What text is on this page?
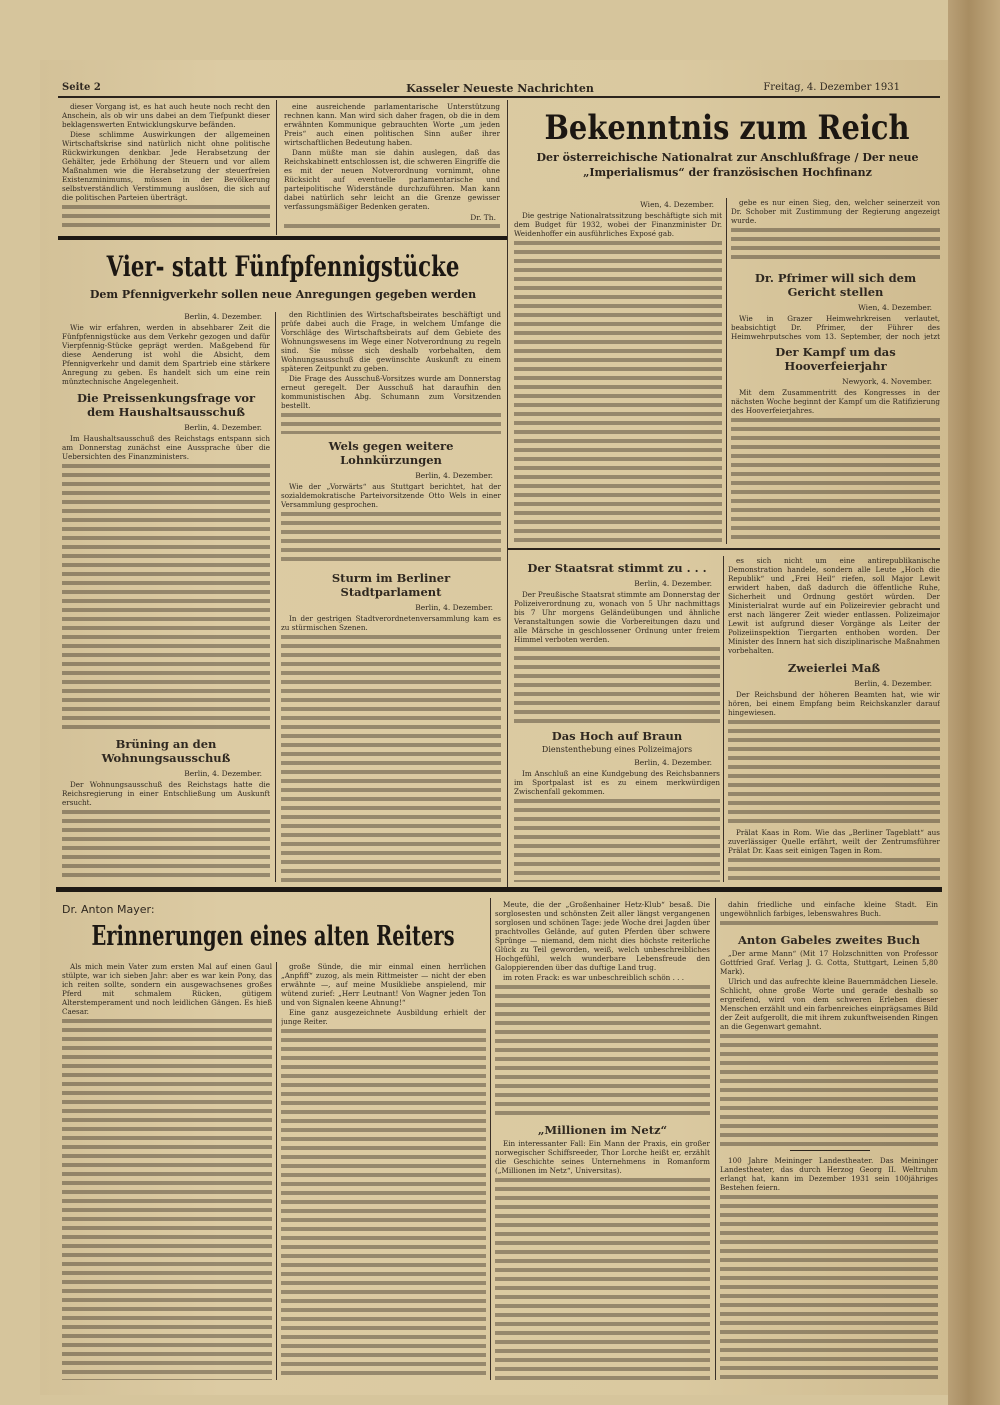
Seite 2	Kasseler Neueste Nachrichten	Freitag, 4. Dezember 1931
dieser Vorgang ist, es hat auch heute noch recht den Anschein, als ob wir uns dabei an dem Tiefpunkt dieser beklagenswerten Entwicklungskurve befänden.
Diese schlimme Auswirkungen der allgemeinen Wirtschaftskrise sind natürlich nicht ohne politische Rückwirkungen denkbar. Jede Herabsetzung der Gehälter, jede Erhöhung der Steuern und vor allem Maßnahmen wie die Herabsetzung der steuerfreien Existenzminimums, müssen in der Bevölkerung selbstverständlich Verstimmung auslösen, die sich auf die politischen Parteien überträgt.
eine ausreichende parlamentarische Unterstützung rechnen kann. Man wird sich daher fragen, ob die in dem erwähnten Kommunique gebrauchten Worte „um jeden Preis“ auch einen politischen Sinn außer ihrer wirtschaftlichen Bedeutung haben.
Dann müßte man sie dahin auslegen, daß das Reichskabinett entschlossen ist, die schweren Eingriffe die es mit der neuen Notverordnung vornimmt, ohne Rücksicht auf eventuelle parlamentarische und parteipolitische Widerstände durchzuführen. Man kann dabei natürlich sehr leicht an die Grenze gewisser verfassungsmäßiger Bedenken geraten.
Dr. Th.
Bekenntnis zum Reich
Der österreichische Nationalrat zur Anschlußfrage / Der neue „Imperialismus“ der französischen Hochfinanz
Wien, 4. Dezember.
Die gestrige Nationalratssitzung beschäftigte sich mit dem Budget für 1932, wobei der Finanzminister Dr. Weidenhoffer ein ausführliches Exposé gab.
gebe es nur einen Sieg, den, welcher seinerzeit von Dr. Schober mit Zustimmung der Regierung angezeigt wurde.
Dr. Pfrimer will sich dem Gericht stellen
Wien, 4. Dezember.
Wie in Grazer Heimwehrkreisen verlautet, beabsichtigt Dr. Pfrimer, der Führer des Heimwehrputsches vom 13. September, der noch jetzt
Der Kampf um das Hooverfeierjahr
Newyork, 4. November.
Mit dem Zusammentritt des Kongresses in der nächsten Woche beginnt der Kampf um die Ratifizierung des Hooverfeierjahres.
Vier- statt Fünfpfennigstücke
Dem Pfennigverkehr sollen neue Anregungen gegeben werden
Berlin, 4. Dezember.
Wie wir erfahren, werden in absehbarer Zeit die Fünfpfennigstücke aus dem Verkehr gezogen und dafür Vierpfennig-Stücke geprägt werden. Maßgebend für diese Aenderung ist wohl die Absicht, dem Pfennigverkehr und damit dem Spartrieb eine stärkere Anregung zu geben. Es handelt sich um eine rein münztechnische Angelegenheit.
Die Preissenkungsfrage vor dem Haushaltsausschuß
Berlin, 4. Dezember.
Im Haushaltsausschuß des Reichstags entspann sich am Donnerstag zunächst eine Aussprache über die Uebersichten des Finanzministers.
Brüning an den Wohnungsausschuß
Berlin, 4. Dezember.
Der Wohnungsausschuß des Reichstags hatte die Reichsregierung in einer Entschließung um Auskunft ersucht.
den Richtlinien des Wirtschaftsbeirates beschäftigt und prüfe dabei auch die Frage, in welchem Umfange die Vorschläge des Wirtschaftsbeirats auf dem Gebiete des Wohnungswesens im Wege einer Notverordnung zu regeln sind. Sie müsse sich deshalb vorbehalten, dem Wohnungsausschuß die gewünschte Auskunft zu einem späteren Zeitpunkt zu geben.
Die Frage des Ausschuß-Vorsitzes wurde am Donnerstag erneut geregelt. Der Ausschuß hat daraufhin den kommunistischen Abg. Schumann zum Vorsitzenden bestellt.
Wels gegen weitere Lohnkürzungen
Berlin, 4. Dezember.
Wie der „Vorwärts“ aus Stuttgart berichtet, hat der sozialdemokratische Parteivorsitzende Otto Wels in einer Versammlung gesprochen.
Sturm im Berliner Stadtparlament
Berlin, 4. Dezember.
In der gestrigen Stadtverordnetenversammlung kam es zu stürmischen Szenen.
Der Staatsrat stimmt zu . . .
Berlin, 4. Dezember.
Der Preußische Staatsrat stimmte am Donnerstag der Polizeiverordnung zu, wonach von 5 Uhr nachmittags bis 7 Uhr morgens Geländeübungen und ähnliche Veranstaltungen sowie die Vorbereitungen dazu und alle Märsche in geschlossener Ordnung unter freiem Himmel verboten werden.
Das Hoch auf Braun
Dienstenthebung eines Polizeimajors
Berlin, 4. Dezember.
Im Anschluß an eine Kundgebung des Reichsbanners im Sportpalast ist es zu einem merkwürdigen Zwischenfall gekommen.
es sich nicht um eine antirepublikanische Demonstration handele, sondern alle Leute „Hoch die Republik“ und „Frei Heil“ riefen, soll Major Lewit erwidert haben, daß dadurch die öffentliche Ruhe, Sicherheit und Ordnung gestört würden. Der Ministerialrat wurde auf ein Polizeirevier gebracht und erst nach längerer Zeit wieder entlassen. Polizeimajor Lewit ist aufgrund dieser Vorgänge als Leiter der Polizeiinspektion Tiergarten enthoben worden. Der Minister des Innern hat sich disziplinarische Maßnahmen vorbehalten.
Zweierlei Maß
Berlin, 4. Dezember.
Der Reichsbund der höheren Beamten hat, wie wir hören, bei einem Empfang beim Reichskanzler darauf hingewiesen.
Prälat Kaas in Rom. Wie das „Berliner Tageblatt“ aus zuverlässiger Quelle erfährt, weilt der Zentrumsführer Prälat Dr. Kaas seit einigen Tagen in Rom.
Dr. Anton Mayer:
Erinnerungen eines alten Reiters
Als mich mein Vater zum ersten Mal auf einen Gaul stülpte, war ich sieben Jahr: aber es war kein Pony, das ich reiten sollte, sondern ein ausgewachsenes großes Pferd mit schmalem Rücken, gütigem Alterstemperament und noch leidlichen Gängen. Es hieß Caesar.
große Sünde, die mir einmal einen herrlichen „Anpfiff“ zuzog, als mein Rittmeister — nicht der eben erwähnte —, auf meine Musikliebe anspielend, mir wütend zurief: „Herr Leutnant! Von Wagner jeden Ton und von Signalen keene Ahnung!“
Eine ganz ausgezeichnete Ausbildung erhielt der junge Reiter.
Meute, die der „Großenhainer Hetz-Klub“ besaß. Die sorglosesten und schönsten Zeit aller längst vergangenen sorglosen und schönen Tage: jede Woche drei Jagden über prachtvolles Gelände, auf guten Pferden über schwere Sprünge — niemand, dem nicht dies höchste reiterliche Glück zu Teil geworden, weiß, welch unbeschreibliches Hochgefühl, welch wunderbare Lebensfreude den Galoppierenden über das duftige Land trug.
im roten Frack: es war unbeschreiblich schön . . .
„Millionen im Netz“
Ein interessanter Fall: Ein Mann der Praxis, ein großer norwegischer Schiffsreeder, Thor Lorche heißt er, erzählt die Geschichte seines Unternehmens in Romanform („Millionen im Netz“, Universitas).
dahin friedliche und einfache kleine Stadt. Ein ungewöhnlich farbiges, lebenswahres Buch.
Anton Gabeles zweites Buch
„Der arme Mann“ (Mit 17 Holzschnitten von Professor Gottfried Graf. Verlag J. G. Cotta, Stuttgart, Leinen 5,80 Mark).
Ulrich und das aufrechte kleine Bauernmädchen Liesele. Schlicht, ohne große Worte und gerade deshalb so ergreifend, wird von dem schweren Erleben dieser Menschen erzählt und ein farbenreiches einprägsames Bild der Zeit aufgerollt, die mit ihrem zukunftweisenden Ringen an die Gegenwart gemahnt.
100 Jahre Meininger Landestheater. Das Meininger Landestheater, das durch Herzog Georg II. Weltruhm erlangt hat, kann im Dezember 1931 sein 100jähriges Bestehen feiern.
